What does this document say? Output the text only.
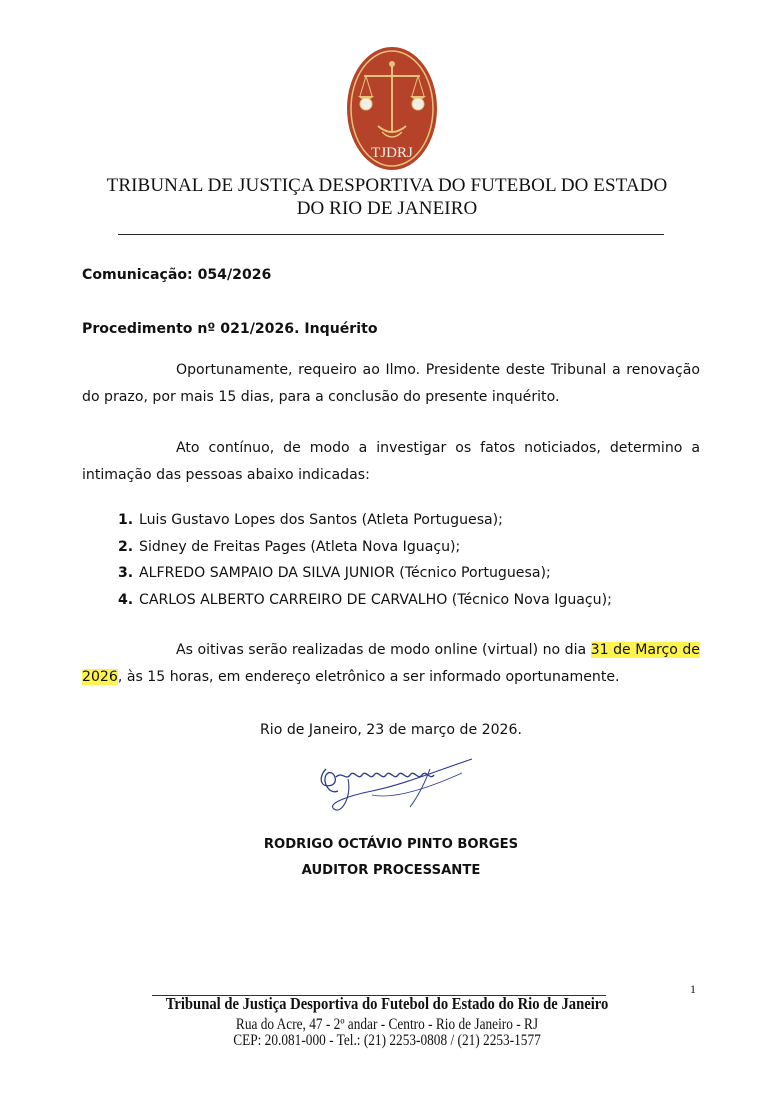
TJDRJ
TRIBUNAL DE JUSTIÇA DESPORTIVA DO FUTEBOL DO ESTADO
DO RIO DE JANEIRO
Comunicação: 054/2026
Procedimento nº 021/2026. Inquérito
Oportunamente, requeiro ao Ilmo. Presidente deste Tribunal a renovação do prazo, por mais 15 dias, para a conclusão do presente inquérito.
Ato contínuo, de modo a investigar os fatos noticiados, determino a intimação das pessoas abaixo indicadas:
1. Luis Gustavo Lopes dos Santos (Atleta Portuguesa);
2. Sidney de Freitas Pages (Atleta Nova Iguaçu);
3. ALFREDO SAMPAIO DA SILVA JUNIOR (Técnico Portuguesa);
4. CARLOS ALBERTO CARREIRO DE CARVALHO (Técnico Nova Iguaçu);
As oitivas serão realizadas de modo online (virtual) no dia 31 de Março de 2026, às 15 horas, em endereço eletrônico a ser informado oportunamente.
Rio de Janeiro, 23 de março de 2026.
RODRIGO OCTÁVIO PINTO BORGES
AUDITOR PROCESSANTE
1
Tribunal de Justiça Desportiva do Futebol do Estado do Rio de Janeiro
Rua do Acre, 47 - 2º andar - Centro - Rio de Janeiro - RJ
CEP: 20.081-000 - Tel.: (21) 2253-0808 / (21) 2253-1577
